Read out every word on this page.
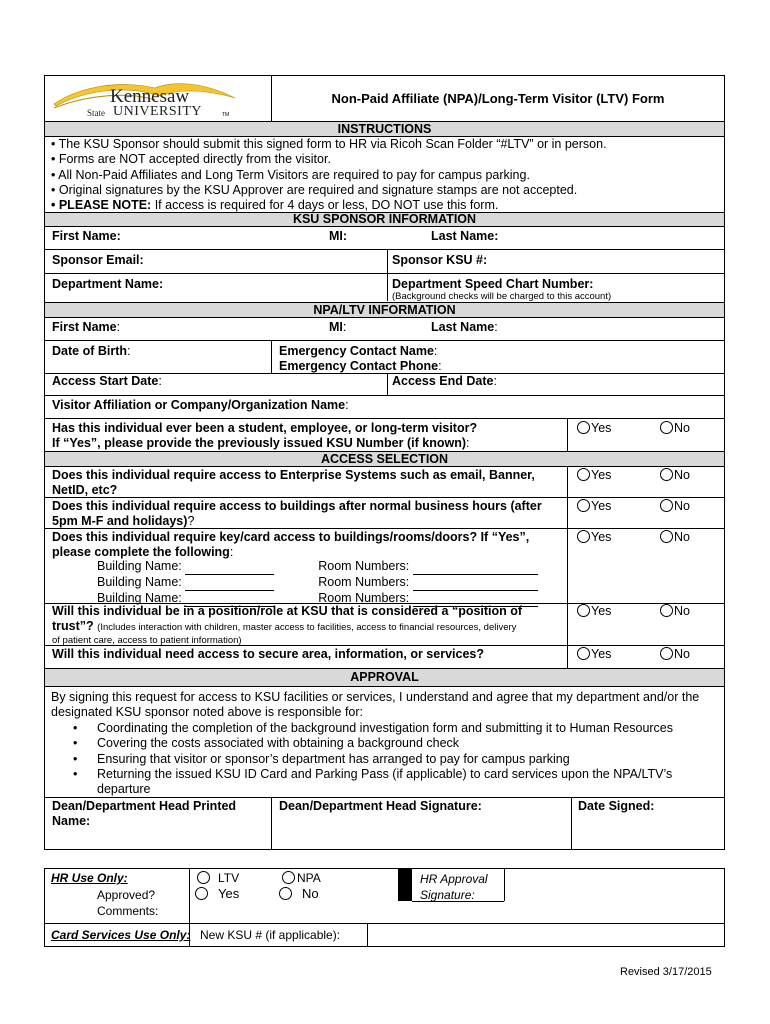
Kennesaw
State UNIVERSITY	TM
Non-Paid Affiliate (NPA)/Long-Term Visitor (LTV) Form
INSTRUCTIONS
• The KSU Sponsor should submit this signed form to HR via Ricoh Scan Folder “#LTV” or in person.
• Forms are NOT accepted directly from the visitor.
• All Non-Paid Affiliates and Long Term Visitors are required to pay for campus parking.
• Original signatures by the KSU Approver are required and signature stamps are not accepted.
• PLEASE NOTE: If access is required for 4 days or less, DO NOT use this form.
KSU SPONSOR INFORMATION
First Name:	MI:	Last Name:
Sponsor Email:	Sponsor KSU #:
Department Name:	Department Speed Chart Number:
(Background checks will be charged to this account)
NPA/LTV INFORMATION
First Name:	MI:	Last Name:
Date of Birth:	Emergency Contact Name:
Emergency Contact Phone:
Access Start Date:	Access End Date:
Visitor Affiliation or Company/Organization Name:
Has this individual ever been a student, employee, or long-term visitor?
If “Yes”, please provide the previously issued KSU Number (if known):
Yes	No
ACCESS SELECTION
Does this individual require access to Enterprise Systems such as email, Banner,
NetID, etc?
Yes	No
Does this individual require access to buildings after normal business hours (after
5pm M-F and holidays)?
Yes	No
Does this individual require key/card access to buildings/rooms/doors? If “Yes”,
please complete the following:
Yes	No
Building Name:	Room Numbers:
Building Name:	Room Numbers:
Building Name:	Room Numbers:
Will this individual be in a position/role at KSU that is considered a “position of
trust”? (Includes interaction with children, master access to facilities, access to financial resources, delivery
of patient care, access to patient information)
Yes	No
Will this individual need access to secure area, information, or services?	Yes	No
APPROVAL
By signing this request for access to KSU facilities or services, I understand and agree that my department and/or the
designated KSU sponsor noted above is responsible for:
• Coordinating the completion of the background investigation form and submitting it to Human Resources
• Covering the costs associated with obtaining a background check
• Ensuring that visitor or sponsor’s department has arranged to pay for campus parking
• Returning the issued KSU ID Card and Parking Pass (if applicable) to card services upon the NPA/LTV’s
departure
Dean/Department Head Printed
Name:
Dean/Department Head Signature:	Date Signed:
HR Use Only:
Approved?
Comments:
LTV	NPA
Yes	No
HR Approval
Signature:
Card Services Use Only: New KSU # (if applicable):
Revised 3/17/2015
